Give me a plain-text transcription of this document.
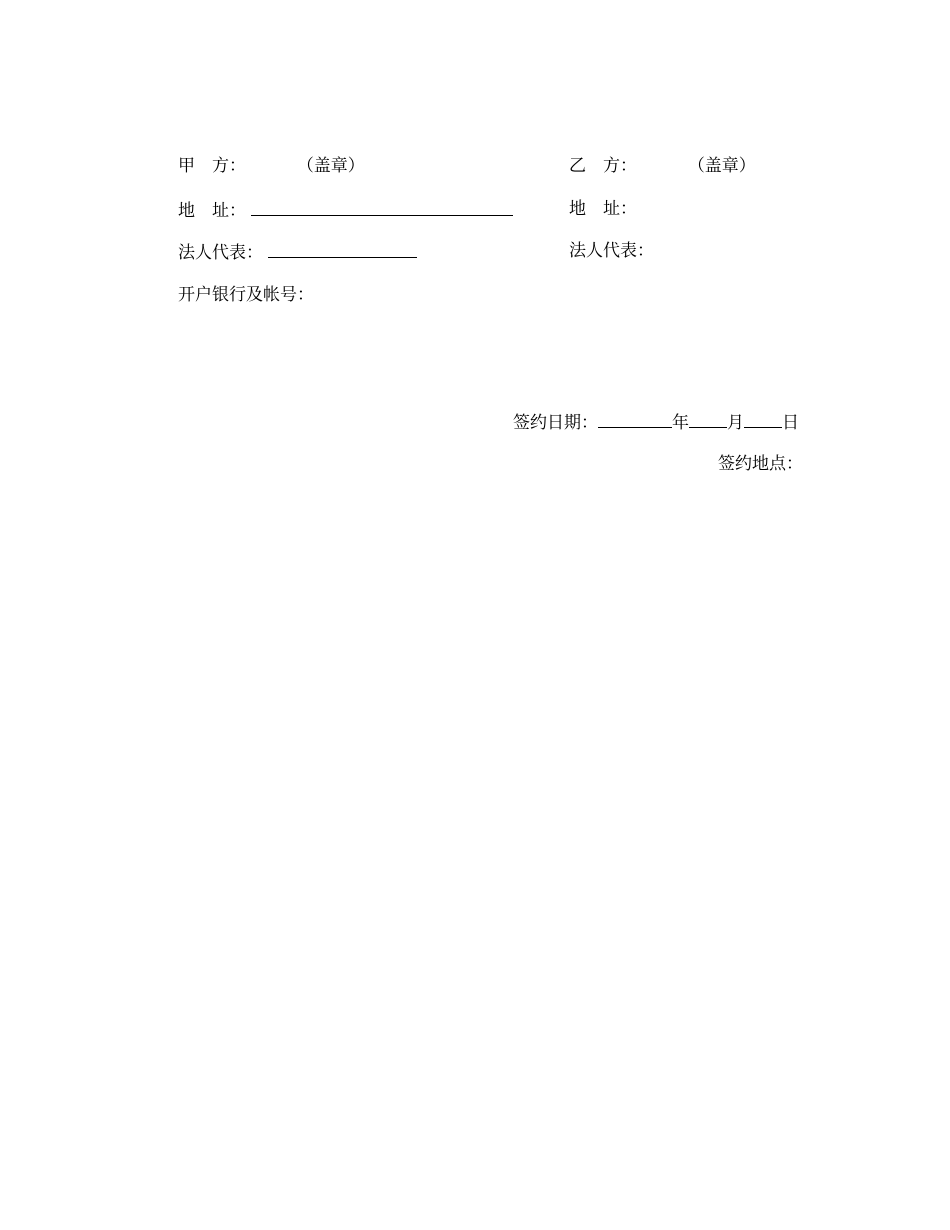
甲　方：	（盖章）
地　址：
法人代表：
开户银行及帐号：
乙　方：	（盖章）
地　址：
法人代表：
签约日期：	年 月 日
签约地点：
